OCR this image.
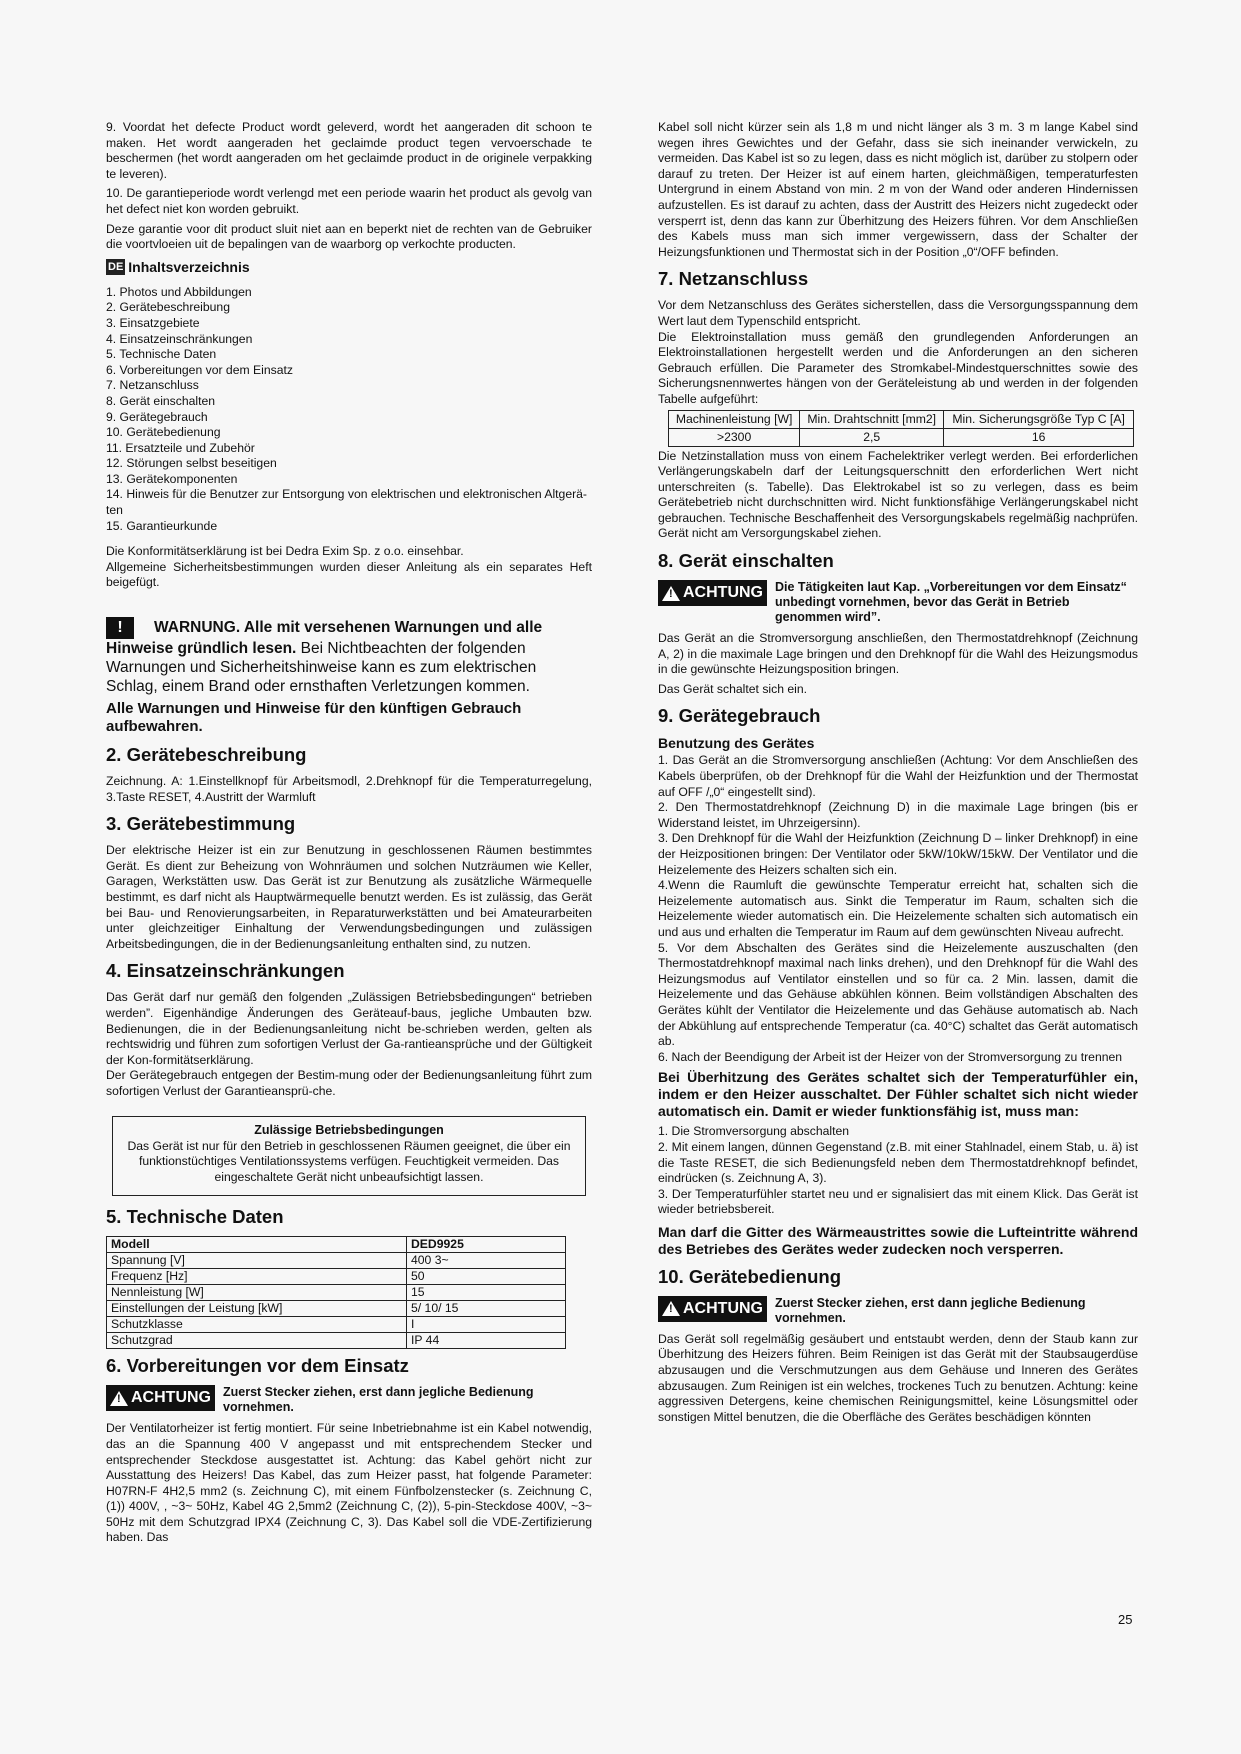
9. Voordat het defecte Product wordt geleverd, wordt het aangeraden dit schoon te maken. Het wordt aangeraden het geclaimde product tegen vervoerschade te beschermen (het wordt aangeraden om het geclaimde product in de originele verpakking te leveren).

10. De garantieperiode wordt verlengd met een periode waarin het product als gevolg van het defect niet kon worden gebruikt.

Deze garantie voor dit product sluit niet aan en beperkt niet de rechten van de Gebruiker die voortvloeien uit de bepalingen van de waarborg op verkochte producten.

DE Inhaltsverzeichnis
1. Photos und Abbildungen
2. Gerätebeschreibung
3. Einsatzgebiete
4. Einsatzeinschränkungen
5. Technische Daten
6. Vorbereitungen vor dem Einsatz
7. Netzanschluss
8. Gerät einschalten
9. Gerätegebrauch
10. Gerätebedienung
11. Ersatzteile und Zubehör
12. Störungen selbst beseitigen
13. Gerätekomponenten
14. Hinweis für die Benutzer zur Entsorgung von elektrischen und elektronischen Altgerä-ten
15. Garantieurkunde

Die Konformitätserklärung ist bei Dedra Exim Sp. z o.o. einsehbar.

Allgemeine Sicherheitsbestimmungen wurden dieser Anleitung als ein separates Heft beigefügt.

! WARNUNG. Alle mit versehenen Warnungen und alle Hinweise gründlich lesen. Bei Nichtbeachten der folgenden Warnungen und Sicherheitshinweise kann es zum elektrischen Schlag, einem Brand oder ernsthaften Verletzungen kommen.
Alle Warnungen und Hinweise für den künftigen Gebrauch aufbewahren.
2. Gerätebeschreibung

Zeichnung. A: 1.Einstellknopf für Arbeitsmodl, 2.Drehknopf für die Temperaturregelung, 3.Taste RESET, 4.Austritt der Warmluft

3. Gerätebestimmung

Der elektrische Heizer ist ein zur Benutzung in geschlossenen Räumen bestimmtes Gerät. Es dient zur Beheizung von Wohnräumen und solchen Nutzräumen wie Keller, Garagen, Werkstätten usw. Das Gerät ist zur Benutzung als zusätzliche Wärmequelle bestimmt, es darf nicht als Hauptwärmequelle benutzt werden. Es ist zulässig, das Gerät bei Bau- und Renovierungsarbeiten, in Reparaturwerkstätten und bei Amateurarbeiten unter gleichzeitiger Einhaltung der Verwendungsbedingungen und zulässigen Arbeitsbedingungen, die in der Bedienungsanleitung enthalten sind, zu nutzen.

4. Einsatzeinschränkungen

Das Gerät darf nur gemäß den folgenden „Zulässigen Betriebsbedingungen“ betrieben werden”. Eigenhändige Änderungen des Geräteauf-baus, jegliche Umbauten bzw. Bedienungen, die in der Bedienungsanleitung nicht be-schrieben werden, gelten als rechtswidrig und führen zum sofortigen Verlust der Ga-rantieansprüche und der Gültigkeit der Kon-formitätserklärung.

Der Gerätegebrauch entgegen der Bestim-mung oder der Bedienungsanleitung führt zum sofortigen Verlust der Garantieansprü-che.

Zulässige Betriebsbedingungen

Das Gerät ist nur für den Betrieb in geschlossenen Räumen geeignet, die über ein funktionstüchtiges Ventilationssystems verfügen. Feuchtigkeit vermeiden. Das eingeschaltete Gerät nicht unbeaufsichtigt lassen.

5. Technische Daten
Modell	DED9925
Spannung [V]	400 3~
Frequenz [Hz]	50
Nennleistung [W]	15
Einstellungen der Leistung [kW]	5/ 10/ 15
Schutzklasse	I
Schutzgrad	IP 44
6. Vorbereitungen vor dem Einsatz
! ACHTUNG Zuerst Stecker ziehen, erst dann jegliche Bedienung vornehmen.

Der Ventilatorheizer ist fertig montiert. Für seine Inbetriebnahme ist ein Kabel notwendig, das an die Spannung 400 V angepasst und mit entsprechendem Stecker und entsprechender Steckdose ausgestattet ist. Achtung: das Kabel gehört nicht zur Ausstattung des Heizers! Das Kabel, das zum Heizer passt, hat folgende Parameter: H07RN-F 4H2,5 mm2 (s. Zeichnung C), mit einem Fünfbolzenstecker (s. Zeichnung C, (1)) 400V, , ~3~ 50Hz, Kabel 4G 2,5mm2 (Zeichnung C, (2)), 5-pin-Steckdose 400V, ~3~ 50Hz mit dem Schutzgrad IPX4 (Zeichnung C, 3). Das Kabel soll die VDE-Zertifizierung haben. Das

Kabel soll nicht kürzer sein als 1,8 m und nicht länger als 3 m. 3 m lange Kabel sind wegen ihres Gewichtes und der Gefahr, dass sie sich ineinander verwickeln, zu vermeiden. Das Kabel ist so zu legen, dass es nicht möglich ist, darüber zu stolpern oder darauf zu treten. Der Heizer ist auf einem harten, gleichmäßigen, temperaturfesten Untergrund in einem Abstand von min. 2 m von der Wand oder anderen Hindernissen aufzustellen. Es ist darauf zu achten, dass der Austritt des Heizers nicht zugedeckt oder versperrt ist, denn das kann zur Überhitzung des Heizers führen. Vor dem Anschließen des Kabels muss man sich immer vergewissern, dass der Schalter der Heizungsfunktionen und Thermostat sich in der Position „0“/OFF befinden.

7. Netzanschluss

Vor dem Netzanschluss des Gerätes sicherstellen, dass die Versorgungsspannung dem Wert laut dem Typenschild entspricht.

Die Elektroinstallation muss gemäß den grundlegenden Anforderungen an Elektroinstallationen hergestellt werden und die Anforderungen an den sicheren Gebrauch erfüllen. Die Parameter des Stromkabel-Mindestquerschnittes sowie des Sicherungsnennwertes hängen von der Geräteleistung ab und werden in der folgenden Tabelle aufgeführt:

Machinenleistung [W]	Min. Drahtschnitt [mm2]	Min. Sicherungsgröße Typ C [A]
>2300	2,5	16

Die Netzinstallation muss von einem Fachelektriker verlegt werden. Bei erforderlichen Verlängerungskabeln darf der Leitungsquerschnitt den erforderlichen Wert nicht unterschreiten (s. Tabelle). Das Elektrokabel ist so zu verlegen, dass es beim Gerätebetrieb nicht durchschnitten wird. Nicht funktionsfähige Verlängerungskabel nicht gebrauchen. Technische Beschaffenheit des Versorgungskabels regelmäßig nachprüfen. Gerät nicht am Versorgungskabel ziehen.

8. Gerät einschalten
! ACHTUNG Die Tätigkeiten laut Kap. „Vorbereitungen vor dem Einsatz“ unbedingt vornehmen, bevor das Gerät in Betrieb genommen wird”.

Das Gerät an die Stromversorgung anschließen, den Thermostatdrehknopf (Zeichnung A, 2) in die maximale Lage bringen und den Drehknopf für die Wahl des Heizungsmodus in die gewünschte Heizungsposition bringen.

Das Gerät schaltet sich ein.

9. Gerätegebrauch
Benutzung des Gerätes

1. Das Gerät an die Stromversorgung anschließen (Achtung: Vor dem Anschließen des Kabels überprüfen, ob der Drehknopf für die Wahl der Heizfunktion und der Thermostat auf OFF /„0“ eingestellt sind).

2. Den Thermostatdrehknopf (Zeichnung D) in die maximale Lage bringen (bis er Widerstand leistet, im Uhrzeigersinn).

3. Den Drehknopf für die Wahl der Heizfunktion (Zeichnung D – linker Drehknopf) in eine der Heizpositionen bringen: Der Ventilator oder 5kW/10kW/15kW. Der Ventilator und die Heizelemente des Heizers schalten sich ein.

4.Wenn die Raumluft die gewünschte Temperatur erreicht hat, schalten sich die Heizelemente automatisch aus. Sinkt die Temperatur im Raum, schalten sich die Heizelemente wieder automatisch ein. Die Heizelemente schalten sich automatisch ein und aus und erhalten die Temperatur im Raum auf dem gewünschten Niveau aufrecht.

5. Vor dem Abschalten des Gerätes sind die Heizelemente auszuschalten (den Thermostatdrehknopf maximal nach links drehen), und den Drehknopf für die Wahl des Heizungsmodus auf Ventilator einstellen und so für ca. 2 Min. lassen, damit die Heizelemente und das Gehäuse abkühlen können. Beim vollständigen Abschalten des Gerätes kühlt der Ventilator die Heizelemente und das Gehäuse automatisch ab. Nach der Abkühlung auf entsprechende Temperatur (ca. 40°C) schaltet das Gerät automatisch ab.

6. Nach der Beendigung der Arbeit ist der Heizer von der Stromversorgung zu trennen

Bei Überhitzung des Gerätes schaltet sich der Temperaturfühler ein, indem er den Heizer ausschaltet. Der Fühler schaltet sich nicht wieder automatisch ein. Damit er wieder funktionsfähig ist, muss man:

1. Die Stromversorgung abschalten

2. Mit einem langen, dünnen Gegenstand (z.B. mit einer Stahlnadel, einem Stab, u. ä) ist die Taste RESET, die sich Bedienungsfeld neben dem Thermostatdrehknopf befindet, eindrücken (s. Zeichnung A, 3).

3. Der Temperaturfühler startet neu und er signalisiert das mit einem Klick. Das Gerät ist wieder betriebsbereit.

Man darf die Gitter des Wärmeaustrittes sowie die Lufteintritte während des Betriebes des Gerätes weder zudecken noch versperren.

10. Gerätebedienung
! ACHTUNG Zuerst Stecker ziehen, erst dann jegliche Bedienung vornehmen.

Das Gerät soll regelmäßig gesäubert und entstaubt werden, denn der Staub kann zur Überhitzung des Heizers führen. Beim Reinigen ist das Gerät mit der Staubsaugerdüse abzusaugen und die Verschmutzungen aus dem Gehäuse und Inneren des Gerätes abzusaugen. Zum Reinigen ist ein welches, trockenes Tuch zu benutzen. Achtung: keine aggressiven Detergens, keine chemischen Reinigungsmittel, keine Lösungsmittel oder sonstigen Mittel benutzen, die die Oberfläche des Gerätes beschädigen könnten

25
